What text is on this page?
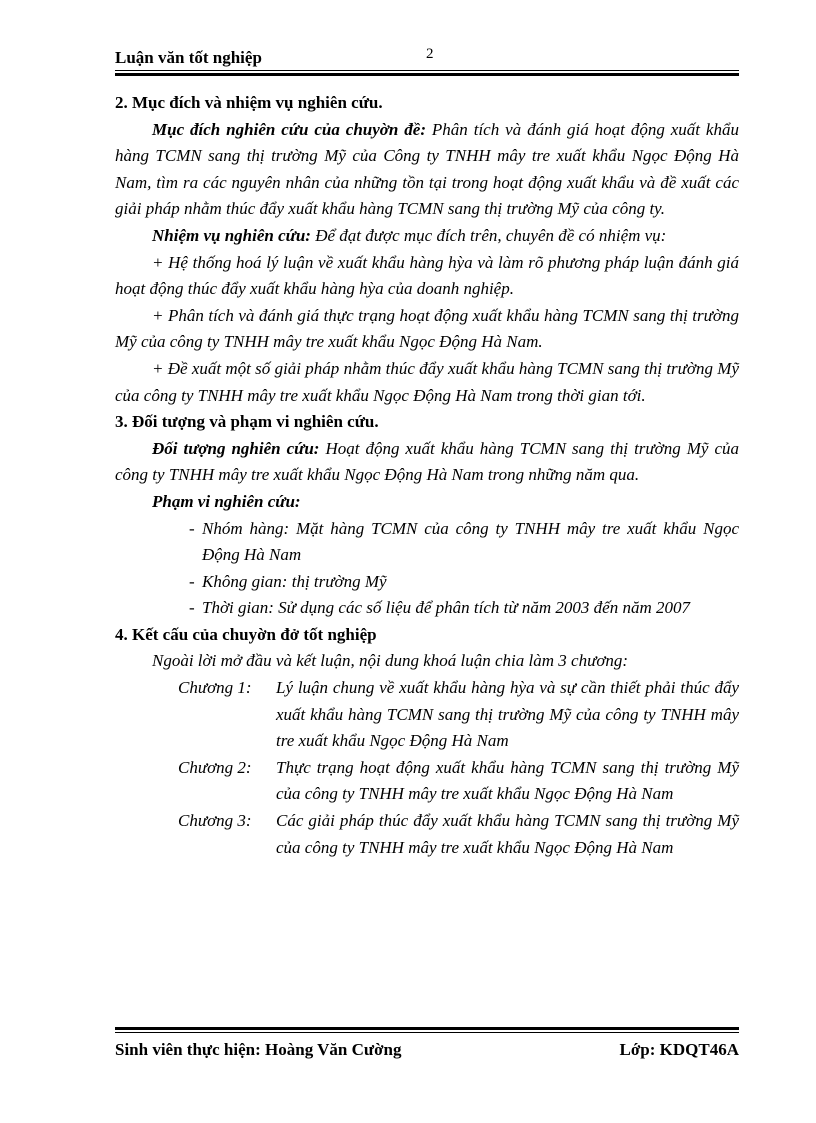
Luận văn tốt nghiệp	2

2. Mục đích và nhiệm vụ nghiên cứu.

Mục đích nghiên cứu của chuyờn đề: Phân tích và đánh giá hoạt động xuất khẩu hàng TCMN sang thị trường Mỹ của Công ty TNHH mây tre xuất khẩu Ngọc Động Hà Nam, tìm ra các nguyên nhân của những tồn tại trong hoạt động xuất khẩu và đề xuất các giải pháp nhằm thúc đẩy xuất khẩu hàng TCMN sang thị trường Mỹ của công ty.

Nhiệm vụ nghiên cứu: Để đạt được mục đích trên, chuyên đề có nhiệm vụ:

+ Hệ thống hoá lý luận về xuất khẩu hàng hỳa và làm rõ phương pháp luận đánh giá hoạt động thúc đẩy xuất khẩu hàng hỳa của doanh nghiệp.

+ Phân tích và đánh giá thực trạng hoạt động xuất khẩu hàng TCMN sang thị trường Mỹ của công ty TNHH mây tre xuất khẩu Ngọc Động Hà Nam.

+ Đề xuất một số giải pháp nhằm thúc đẩy xuất khẩu hàng TCMN sang thị trường Mỹ của công ty TNHH mây tre xuất khẩu Ngọc Động Hà Nam trong thời gian tới.

3. Đối tượng và phạm vi nghiên cứu.

Đối tượng nghiên cứu: Hoạt động xuất khẩu hàng TCMN sang thị trường Mỹ của công ty TNHH mây tre xuất khẩu Ngọc Động Hà Nam trong những năm qua.

Phạm vi nghiên cứu:

- Nhóm hàng: Mặt hàng TCMN của công ty TNHH mây tre xuất khẩu Ngọc Động Hà Nam
- Không gian: thị trường Mỹ
- Thời gian: Sử dụng các số liệu để phân tích từ năm 2003 đến năm 2007

4. Kết cấu của chuyờn đở tốt nghiệp

Ngoài lời mở đầu và kết luận, nội dung khoá luận chia làm 3 chương:

Chương 1: Lý luận chung về xuất khẩu hàng hỳa và sự cần thiết phải thúc đẩy xuất khẩu hàng TCMN sang thị trường Mỹ của công ty TNHH mây tre xuất khẩu Ngọc Động Hà Nam
Chương 2: Thực trạng hoạt động xuất khẩu hàng TCMN sang thị trường Mỹ của công ty TNHH mây tre xuất khẩu Ngọc Động Hà Nam
Chương 3: Các giải pháp thúc đẩy xuất khẩu hàng TCMN sang thị trường Mỹ của công ty TNHH mây tre xuất khẩu Ngọc Động Hà Nam
Sinh viên thực hiện: Hoàng Văn Cường	Lớp: KDQT46A
